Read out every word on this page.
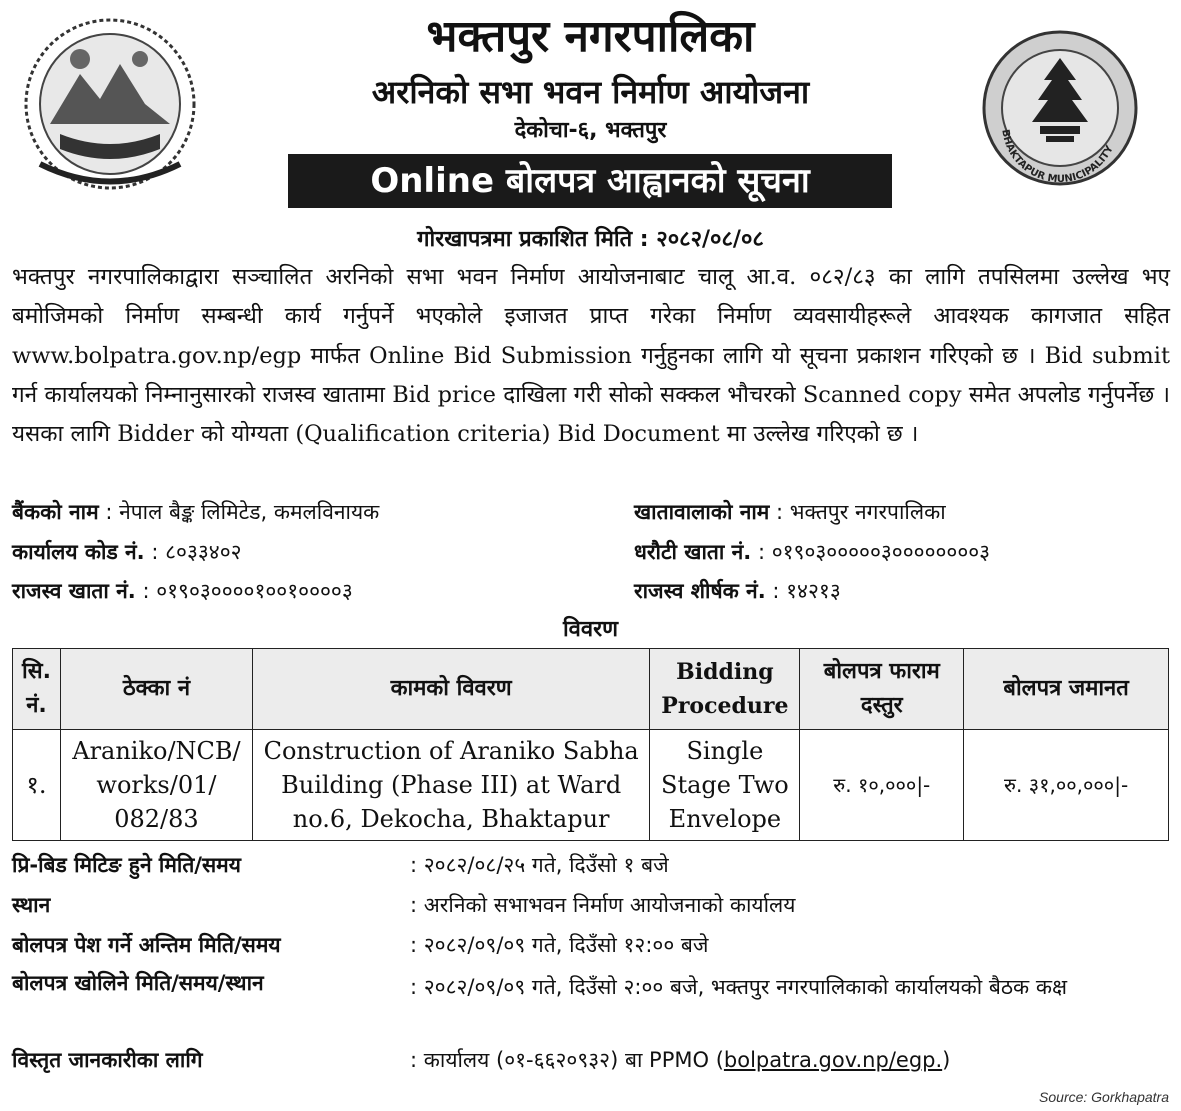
BHAKTAPUR MUNICIPALITY
भक्तपुर नगरपालिका
अरनिको सभा भवन निर्माण आयोजना
देकोचा-६, भक्तपुर
Online बोलपत्र आह्वानको सूचना
गोरखापत्रमा प्रकाशित मिति : २०८२/०८/०८
भक्तपुर नगरपालिकाद्वारा सञ्चालित अरनिको सभा भवन निर्माण आयोजनाबाट चालू आ.व. ०८२/८३ का लागि तपसिलमा उल्लेख भए बमोजिमको निर्माण सम्बन्धी कार्य गर्नुपर्ने भएकोले इजाजत प्राप्त गरेका निर्माण व्यवसायीहरूले आवश्यक कागजात सहित www.bolpatra.gov.np/egp मार्फत Online Bid Submission गर्नुहुनका लागि यो सूचना प्रकाशन गरिएको छ । Bid submit गर्न कार्यालयको निम्नानुसारको राजस्व खातामा Bid price दाखिला गरी सोको सक्कल भौचरको Scanned copy समेत अपलोड गर्नुपर्नेछ । यसका लागि Bidder को योग्यता (Qualification criteria) Bid Document मा उल्लेख गरिएको छ ।
बैंकको नाम : नेपाल बैङ्क लिमिटेड, कमलविनायक	खातावालाको नाम : भक्तपुर नगरपालिका
कार्यालय कोड नं. : ८०३३४०२	धरौटी खाता नं. : ०१९०३०००००३००००००००३
राजस्व खाता नं. : ०१९०३००००१००१००००३	राजस्व शीर्षक नं. : १४२१३
विवरण
सि. नं.	ठेक्का नं	कामको विवरण	Bidding Procedure	बोलपत्र फाराम दस्तुर	बोलपत्र जमानत
१.	Araniko/NCB/ works/01/ 082/83	Construction of Araniko Sabha Building (Phase III) at Ward no.6, Dekocha, Bhaktapur	Single Stage Two Envelope	रु. १०,०००|-	रु. ३१,००,०००|-
प्रि-बिड मिटिङ हुने मिति/समय	: २०८२/०८/२५ गते, दिउँसो १ बजे
स्थान	: अरनिको सभाभवन निर्माण आयोजनाको कार्यालय
बोलपत्र पेश गर्ने अन्तिम मिति/समय	: २०८२/०९/०९ गते, दिउँसो १२:०० बजे
बोलपत्र खोलिने मिति/समय/स्थान	: २०८२/०९/०९ गते, दिउँसो २:०० बजे, भक्तपुर नगरपालिकाको कार्यालयको बैठक कक्ष
विस्तृत जानकारीका लागि	: कार्यालय (०१-६६२०९३२) बा PPMO (bolpatra.gov.np/egp.)
Source: Gorkhapatra
